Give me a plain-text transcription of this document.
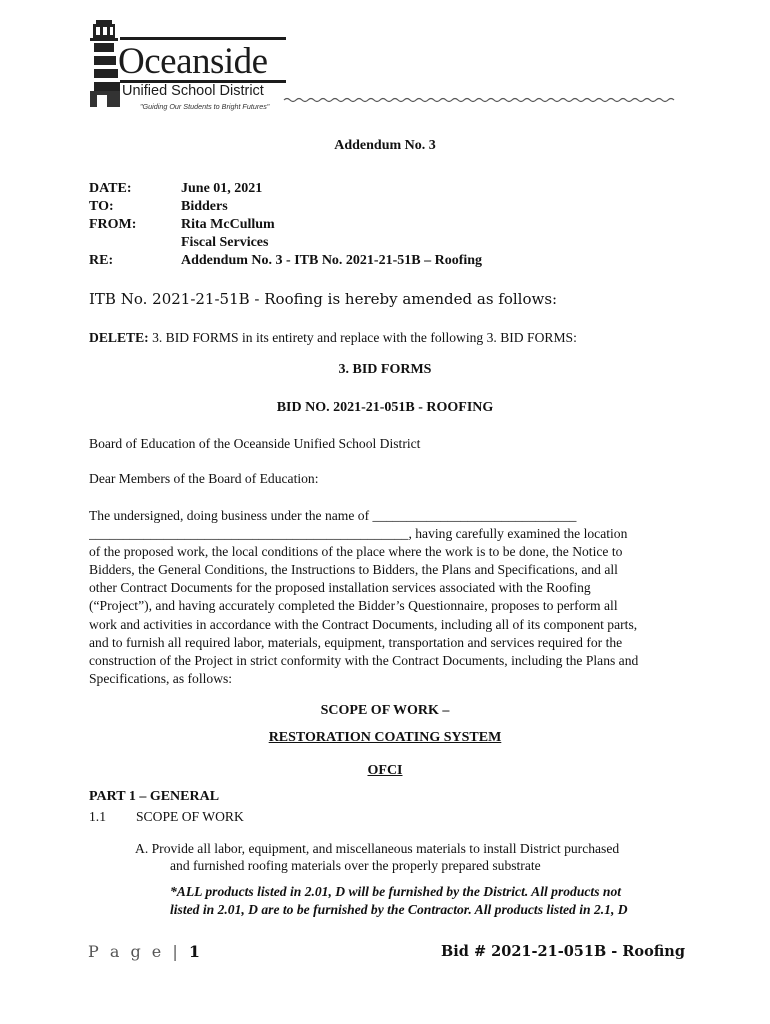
Oceanside
Unified School District
"Guiding Our Students to Bright Futures"
Addendum No. 3
DATE:	June 01, 2021
TO:	Bidders
FROM:	Rita McCullum
Fiscal Services
RE:	Addendum No. 3 - ITB No. 2021-21-51B – Roofing
ITB No. 2021-21-51B - Roofing is hereby amended as follows:
DELETE: 3. BID FORMS in its entirety and replace with the following 3. BID FORMS:
3. BID FORMS
BID NO. 2021-21-051B - ROOFING
Board of Education of the Oceanside Unified School District
Dear Members of the Board of Education:
The undersigned, doing business under the name of ______________________________
_______________________________________________, having carefully examined the location
of the proposed work, the local conditions of the place where the work is to be done, the Notice to
Bidders, the General Conditions, the Instructions to Bidders, the Plans and Specifications, and all
other Contract Documents for the proposed installation services associated with the Roofing
(“Project”), and having accurately completed the Bidder’s Questionnaire, proposes to perform all
work and activities in accordance with the Contract Documents, including all of its component parts,
and to furnish all required labor, materials, equipment, transportation and services required for the
construction of the Project in strict conformity with the Contract Documents, including the Plans and
Specifications, as follows:
SCOPE OF WORK –
RESTORATION COATING SYSTEM
OFCI
PART 1 – GENERAL
1.1 SCOPE OF WORK
A. Provide all labor, equipment, and miscellaneous materials to install District purchased
and furnished roofing materials over the properly prepared substrate
*ALL products listed in 2.01, D will be furnished by the District. All products not
listed in 2.01, D are to be furnished by the Contractor. All products listed in 2.1, D
P a g e | 1	Bid # 2021-21-051B - Roofing
